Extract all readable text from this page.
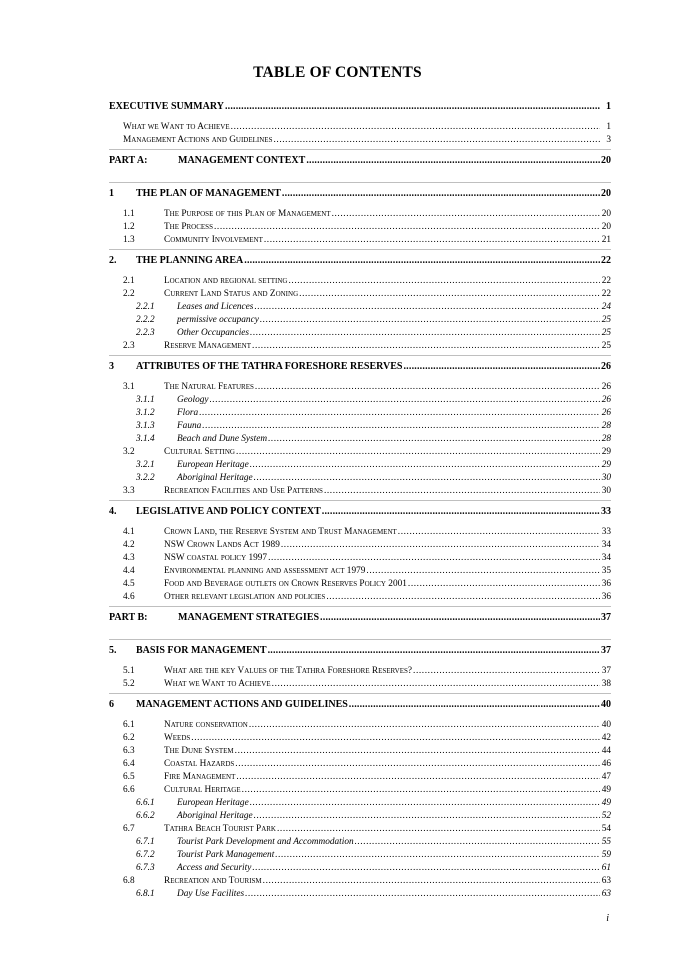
TABLE OF CONTENTS
EXECUTIVE SUMMARY .....	1
What we Want to Achieve .....	1
Management Actions and Guidelines .....	3
PART A:	MANAGEMENT CONTEXT .....	20
1 THE PLAN OF MANAGEMENT .....	20
1.1	The Purpose of this Plan of Management .....	20
1.2	The Process .....	20
1.3	Community Involvement .....	21
2. THE PLANNING AREA .....	22
2.1	Location and regional setting .....	22
2.2	Current Land Status and Zoning .....	22
2.2.1 Leases and Licences .....	24
2.2.2 permissive occupancy .....	25
2.2.3 Other Occupancies .....	25
2.3	Reserve Management .....	25
3 ATTRIBUTES OF THE TATHRA FORESHORE RESERVES .....	26
3.1	The Natural Features .....	26
3.1.1 Geology .....	26
3.1.2 Flora .....	26
3.1.3 Fauna .....	28
3.1.4 Beach and Dune System .....	28
3.2	Cultural Setting .....	29
3.2.1 European Heritage .....	29
3.2.2 Aboriginal Heritage .....	30
3.3	Recreation Facilities and Use Patterns .....	30
4. LEGISLATIVE AND POLICY CONTEXT .....	33
4.1	Crown Land, the Reserve System and Trust Management .....	33
4.2	NSW Crown Lands Act 1989 .....	34
4.3	NSW coastal policy 1997 .....	34
4.4	Environmental planning and assessment act 1979 .....	35
4.5	Food and Beverage outlets on Crown Reserves Policy 2001 .....	36
4.6	Other relevant legislation and policies .....	36
PART B:	MANAGEMENT STRATEGIES .....	37
5. BASIS FOR MANAGEMENT .....	37
5.1	What are the key Values of the Tathra Foreshore Reserves? .....	37
5.2	What we Want to Achieve .....	38
6 MANAGEMENT ACTIONS AND GUIDELINES .....	40
6.1	Nature conservation .....	40
6.2	Weeds .....	42
6.3	The Dune System .....	44
6.4	Coastal Hazards .....	46
6.5	Fire Management .....	47
6.6	Cultural Heritage .....	49
6.6.1 European Heritage .....	49
6.6.2 Aboriginal Heritage .....	52
6.7	Tathra Beach Tourist Park .....	54
6.7.1 Tourist Park Development and Accommodation .....	55
6.7.2 Tourist Park Management .....	59
6.7.3 Access and Security .....	61
6.8	Recreation and Tourism .....	63
6.8.1 Day Use Facilites .....	63
i
